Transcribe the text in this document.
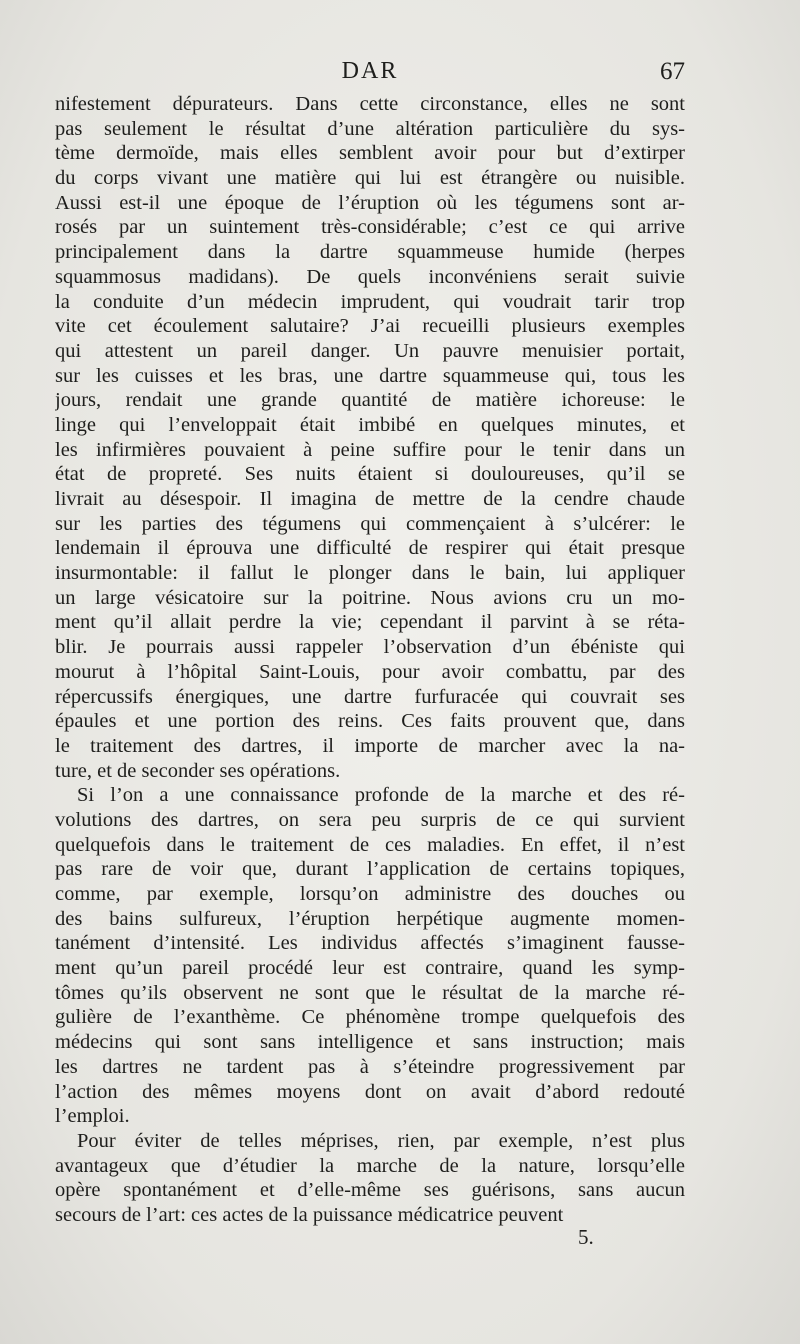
DAR	67

nifestement dépurateurs. Dans cette circonstance, elles ne sont
pas seulement le résultat d’une altération particulière du sys-
tème dermoïde, mais elles semblent avoir pour but d’extirper
du corps vivant une matière qui lui est étrangère ou nuisible.
Aussi est-il une époque de l’éruption où les tégumens sont ar-
rosés par un suintement très-considérable; c’est ce qui arrive
principalement dans la dartre squammeuse humide (herpes
squammosus madidans). De quels inconvéniens serait suivie
la conduite d’un médecin imprudent, qui voudrait tarir trop
vite cet écoulement salutaire? J’ai recueilli plusieurs exemples
qui attestent un pareil danger. Un pauvre menuisier portait,
sur les cuisses et les bras, une dartre squammeuse qui, tous les
jours, rendait une grande quantité de matière ichoreuse: le
linge qui l’enveloppait était imbibé en quelques minutes, et
les infirmières pouvaient à peine suffire pour le tenir dans un
état de propreté. Ses nuits étaient si douloureuses, qu’il se
livrait au désespoir. Il imagina de mettre de la cendre chaude
sur les parties des tégumens qui commençaient à s’ulcérer: le
lendemain il éprouva une difficulté de respirer qui était presque
insurmontable: il fallut le plonger dans le bain, lui appliquer
un large vésicatoire sur la poitrine. Nous avions cru un mo-
ment qu’il allait perdre la vie; cependant il parvint à se réta-
blir. Je pourrais aussi rappeler l’observation d’un ébéniste qui
mourut à l’hôpital Saint-Louis, pour avoir combattu, par des
répercussifs énergiques, une dartre furfuracée qui couvrait ses
épaules et une portion des reins. Ces faits prouvent que, dans
le traitement des dartres, il importe de marcher avec la na-
ture, et de seconder ses opérations.

Si l’on a une connaissance profonde de la marche et des ré-
volutions des dartres, on sera peu surpris de ce qui survient
quelquefois dans le traitement de ces maladies. En effet, il n’est
pas rare de voir que, durant l’application de certains topiques,
comme, par exemple, lorsqu’on administre des douches ou
des bains sulfureux, l’éruption herpétique augmente momen-
tanément d’intensité. Les individus affectés s’imaginent fausse-
ment qu’un pareil procédé leur est contraire, quand les symp-
tômes qu’ils observent ne sont que le résultat de la marche ré-
gulière de l’exanthème. Ce phénomène trompe quelquefois des
médecins qui sont sans intelligence et sans instruction; mais
les dartres ne tardent pas à s’éteindre progressivement par
l’action des mêmes moyens dont on avait d’abord redouté
l’emploi.

Pour éviter de telles méprises, rien, par exemple, n’est plus
avantageux que d’étudier la marche de la nature, lorsqu’elle
opère spontanément et d’elle-même ses guérisons, sans aucun
secours de l’art: ces actes de la puissance médicatrice peuvent

5.
